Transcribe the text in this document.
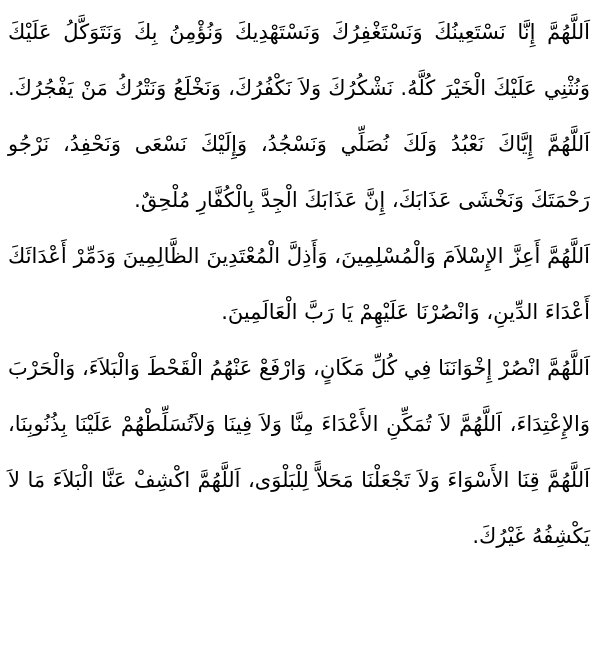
اَللَّهُمَّ إِنَّا نَسْتَعِينُكَ وَنَسْتَغْفِرُكَ وَنَسْتَهْدِيكَ وَنُؤْمِنُ بِكَ وَنَتَوَكَّلُ عَلَيْكَ وَنُثْنِي عَلَيْكَ الْخَيْرَ كُلَّهُ. نَشْكُرُكَ وَلاَ نَكْفُرُكَ، وَنَخْلَعُ وَنَتْرُكُ مَنْ يَفْجُرُكَ. اَللَّهُمَّ إِيَّاكَ نَعْبُدُ وَلَكَ نُصَلِّي وَنَسْجُدُ، وَإِلَيْكَ نَسْعَى وَنَحْفِدُ، نَرْجُو رَحْمَتَكَ وَنَخْشَى عَذَابَكَ، إِنَّ عَذَابَكَ الْجِدَّ بِالْكُفَّارِ مُلْحِقٌ.

اَللَّهُمَّ أَعِزَّ الإِسْلاَمَ وَالْمُسْلِمِينَ، وَأَذِلَّ الْمُعْتَدِينَ الظَّالِمِينَ وَدَمِّرْ أَعْدَائَكَ أَعْدَاءَ الدِّينِ، وَانْصُرْنَا عَلَيْهِمْ يَا رَبَّ الْعَالَمِينَ.

اَللَّهُمَّ انْصُرْ إِخْوَانَنَا فِي كُلِّ مَكَانٍ، وَارْفَعْ عَنْهُمُ الْقَحْطَ وَالْبَلاَءَ، وَالْحَرْبَ وَالإِعْتِدَاءَ، اَللَّهُمَّ لاَ تُمَكِّنِ الأَعْدَاءَ مِنَّا وَلاَ فِينَا وَلاَتُسَلِّطْهُمْ عَلَيْنَا بِذُنُوبِنَا، اَللَّهُمَّ قِنَا الأَسْوَاءَ وَلاَ تَجْعَلْنَا مَحَلاًّ لِلْبَلْوَى، اَللَّهُمَّ اكْشِفْ عَنَّا الْبَلاَءَ مَا لاَ يَكْشِفُهُ غَيْرُكَ.
